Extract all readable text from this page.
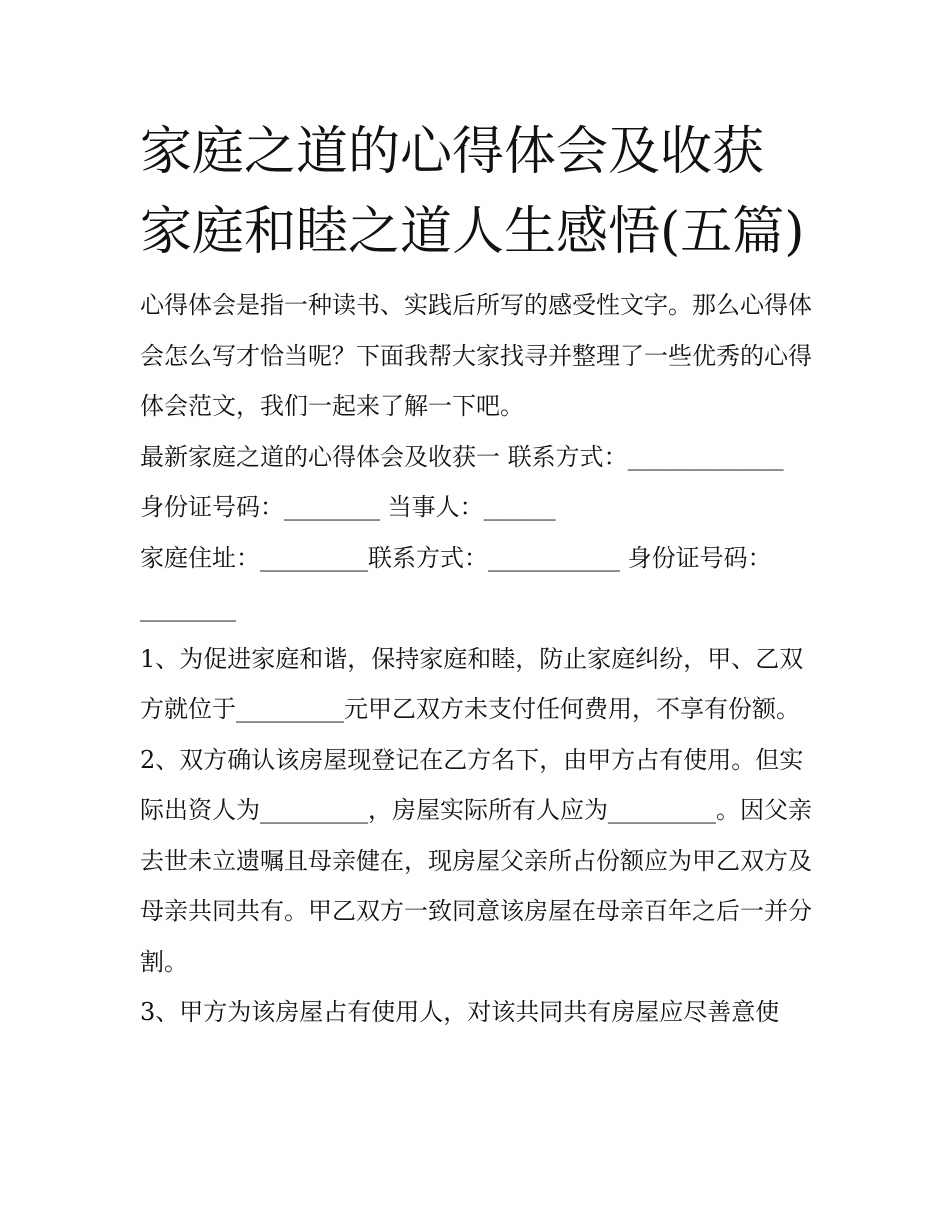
家庭之道的心得体会及收获 家庭和睦之道人生感悟(五篇)

心得体会是指一种读书、实践后所写的感受性文字。那么心得体会怎么写才恰当呢？下面我帮大家找寻并整理了一些优秀的心得体会范文，我们一起来了解一下吧。

最新家庭之道的心得体会及收获一 联系方式：_____________

身份证号码：________ 当事人：______

家庭住址：_________联系方式：___________ 身份证号码：________

1、为促进家庭和谐，保持家庭和睦，防止家庭纠纷，甲、乙双方就位于_________元甲乙双方未支付任何费用，不享有份额。

2、双方确认该房屋现登记在乙方名下，由甲方占有使用。但实际出资人为_________，房屋实际所有人应为_________。因父亲去世未立遗嘱且母亲健在，现房屋父亲所占份额应为甲乙双方及母亲共同共有。甲乙双方一致同意该房屋在母亲百年之后一并分割。

3、甲方为该房屋占有使用人，对该共同共有房屋应尽善意使
